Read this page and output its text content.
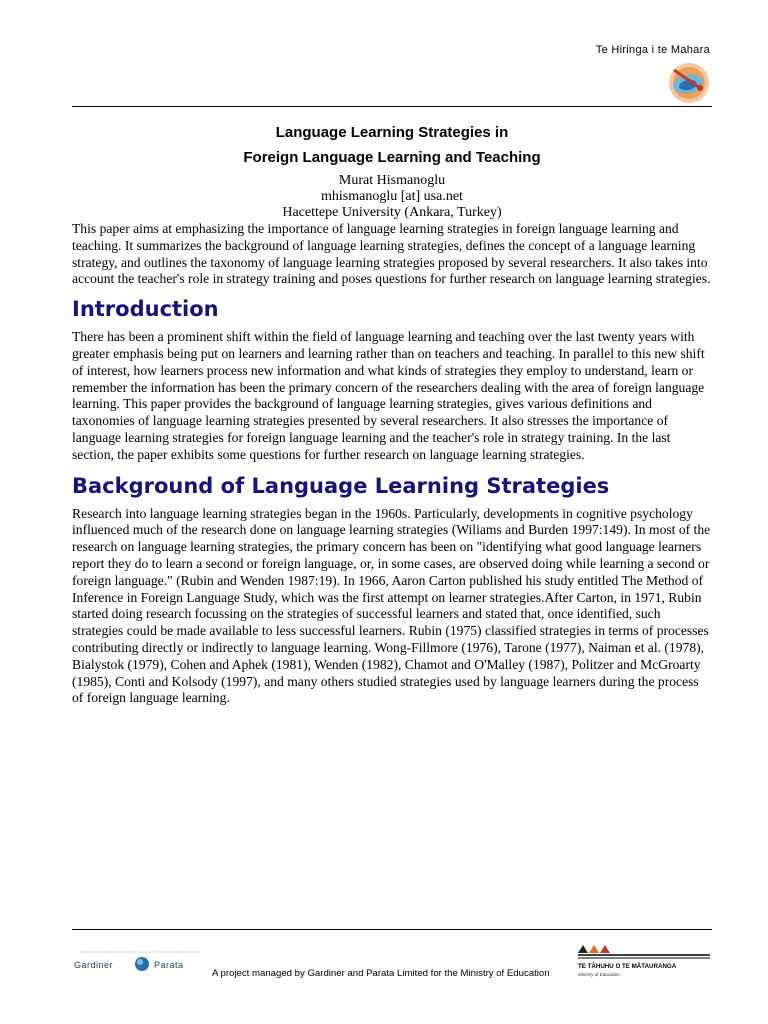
Te Hiringa i te Mahara
Language Learning Strategies in
Foreign Language Learning and Teaching
Murat Hismanoglu
mhismanoglu [at] usa.net
Hacettepe University (Ankara, Turkey)

This paper aims at emphasizing the importance of language learning strategies in foreign language learning and teaching. It summarizes the background of language learning strategies, defines the concept of a language learning strategy, and outlines the taxonomy of language learning strategies proposed by several researchers. It also takes into account the teacher's role in strategy training and poses questions for further research on language learning strategies.

Introduction

There has been a prominent shift within the field of language learning and teaching over the last twenty years with greater emphasis being put on learners and learning rather than on teachers and teaching. In parallel to this new shift of interest, how learners process new information and what kinds of strategies they employ to understand, learn or remember the information has been the primary concern of the researchers dealing with the area of foreign language learning. This paper provides the background of language learning strategies, gives various definitions and taxonomies of language learning strategies presented by several researchers. It also stresses the importance of language learning strategies for foreign language learning and the teacher's role in strategy training. In the last section, the paper exhibits some questions for further research on language learning strategies.

Background of Language Learning Strategies

Research into language learning strategies began in the 1960s. Particularly, developments in cognitive psychology influenced much of the research done on language learning strategies (Wiliams and Burden 1997:149). In most of the research on language learning strategies, the primary concern has been on "identifying what good language learners report they do to learn a second or foreign language, or, in some cases, are observed doing while learning a second or foreign language." (Rubin and Wenden 1987:19). In 1966, Aaron Carton published his study entitled The Method of Inference in Foreign Language Study, which was the first attempt on learner strategies.After Carton, in 1971, Rubin started doing research focussing on the strategies of successful learners and stated that, once identified, such strategies could be made available to less successful learners. Rubin (1975) classified strategies in terms of processes contributing directly or indirectly to language learning. Wong-Fillmore (1976), Tarone (1977), Naiman et al. (1978), Bialystok (1979), Cohen and Aphek (1981), Wenden (1982), Chamot and O'Malley (1987), Politzer and McGroarty (1985), Conti and Kolsody (1997), and many others studied strategies used by language learners during the process of foreign language learning.

Gardiner	Parata
A project managed by Gardiner and Parata Limited for the Ministry of Education
TE TĀHUHU O TE MĀTAURANGA
Ministry of Education
